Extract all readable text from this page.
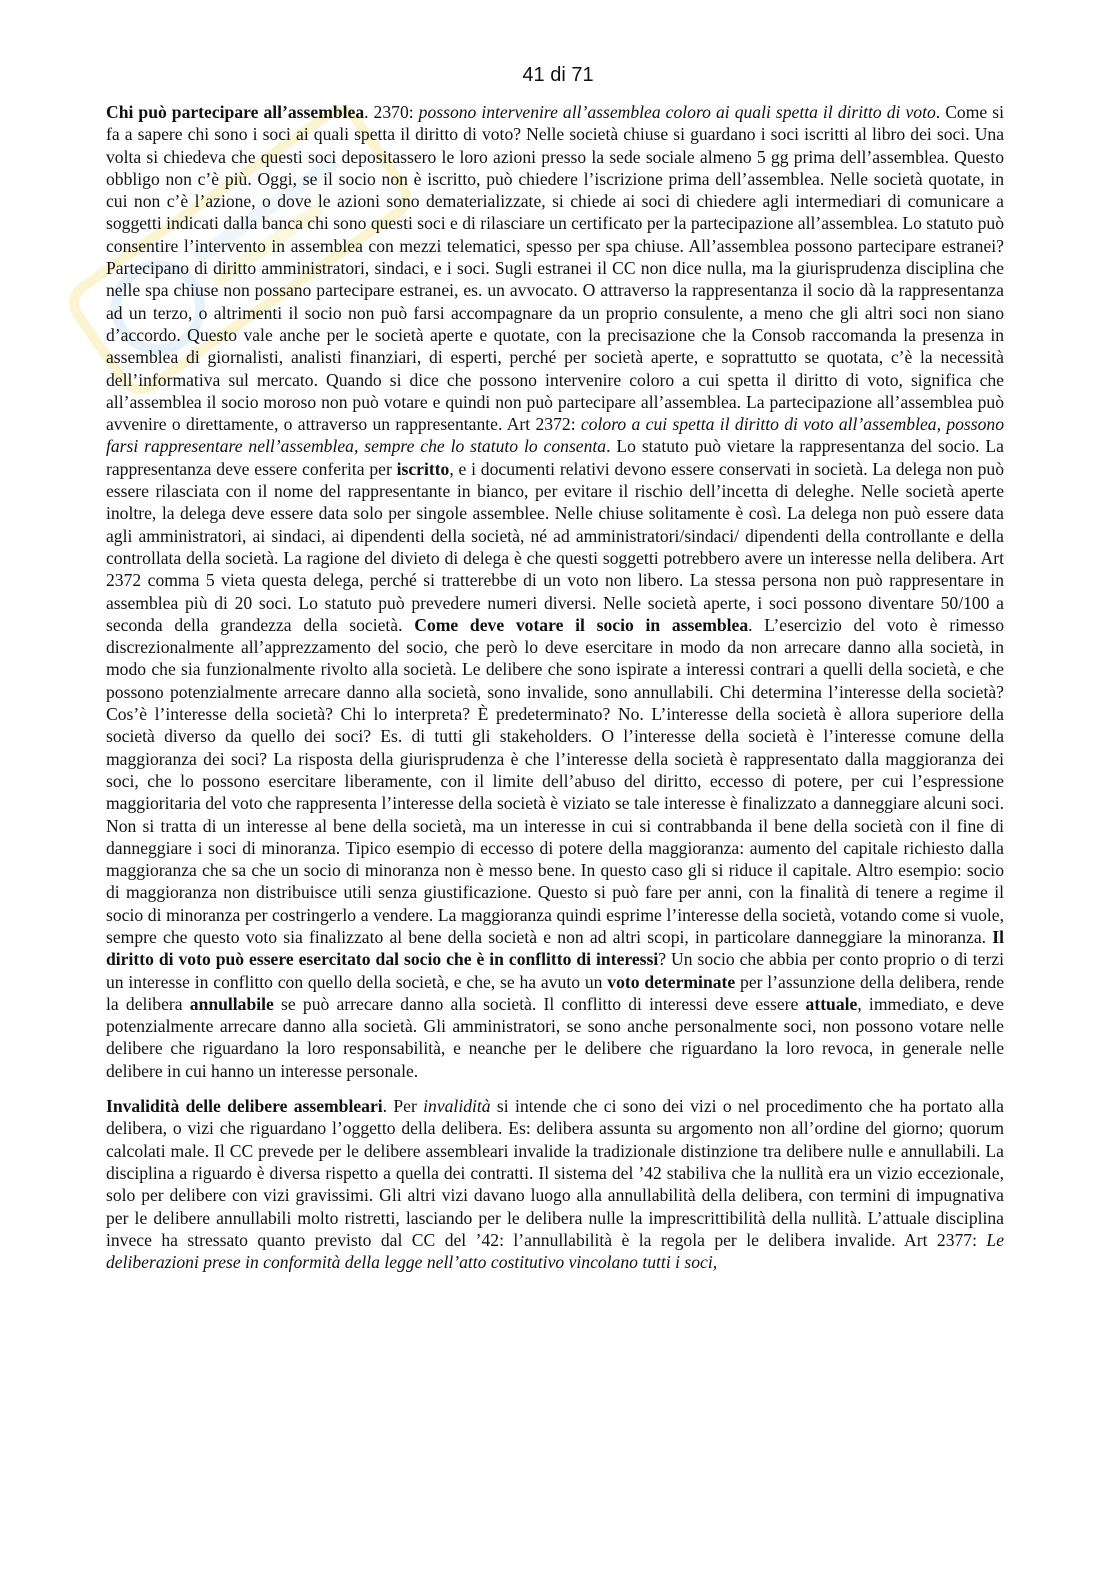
41 di 71

Chi può partecipare all’assemblea. 2370: possono intervenire all’assemblea coloro ai quali spetta il diritto di voto. Come si fa a sapere chi sono i soci ai quali spetta il diritto di voto? Nelle società chiuse si guardano i soci iscritti al libro dei soci. Una volta si chiedeva che questi soci depositassero le loro azioni presso la sede sociale almeno 5 gg prima dell’assemblea. Questo obbligo non c’è più. Oggi, se il socio non è iscritto, può chiedere l’iscrizione prima dell’assemblea. Nelle società quotate, in cui non c’è l’azione, o dove le azioni sono dematerializzate, si chiede ai soci di chiedere agli intermediari di comunicare a soggetti indicati dalla banca chi sono questi soci e di rilasciare un certificato per la partecipazione all’assemblea. Lo statuto può consentire l’intervento in assemblea con mezzi telematici, spesso per spa chiuse. All’assemblea possono partecipare estranei? Partecipano di diritto amministratori, sindaci, e i soci. Sugli estranei il CC non dice nulla, ma la giurisprudenza disciplina che nelle spa chiuse non possano partecipare estranei, es. un avvocato. O attraverso la rappresentanza il socio dà la rappresentanza ad un terzo, o altrimenti il socio non può farsi accompagnare da un proprio consulente, a meno che gli altri soci non siano d’accordo. Questo vale anche per le società aperte e quotate, con la precisazione che la Consob raccomanda la presenza in assemblea di giornalisti, analisti finanziari, di esperti, perché per società aperte, e soprattutto se quotata, c’è la necessità dell’informativa sul mercato. Quando si dice che possono intervenire coloro a cui spetta il diritto di voto, significa che all’assemblea il socio moroso non può votare e quindi non può partecipare all’assemblea. La partecipazione all’assemblea può avvenire o direttamente, o attraverso un rappresentante. Art 2372: coloro a cui spetta il diritto di voto all’assemblea, possono farsi rappresentare nell’assemblea, sempre che lo statuto lo consenta. Lo statuto può vietare la rappresentanza del socio. La rappresentanza deve essere conferita per iscritto, e i documenti relativi devono essere conservati in società. La delega non può essere rilasciata con il nome del rappresentante in bianco, per evitare il rischio dell’incetta di deleghe. Nelle società aperte inoltre, la delega deve essere data solo per singole assemblee. Nelle chiuse solitamente è così. La delega non può essere data agli amministratori, ai sindaci, ai dipendenti della società, né ad amministratori/sindaci/ dipendenti della controllante e della controllata della società. La ragione del divieto di delega è che questi soggetti potrebbero avere un interesse nella delibera. Art 2372 comma 5 vieta questa delega, perché si tratterebbe di un voto non libero. La stessa persona non può rappresentare in assemblea più di 20 soci. Lo statuto può prevedere numeri diversi. Nelle società aperte, i soci possono diventare 50/100 a seconda della grandezza della società. Come deve votare il socio in assemblea. L’esercizio del voto è rimesso discrezionalmente all’apprezzamento del socio, che però lo deve esercitare in modo da non arrecare danno alla società, in modo che sia funzionalmente rivolto alla società. Le delibere che sono ispirate a interessi contrari a quelli della società, e che possono potenzialmente arrecare danno alla società, sono invalide, sono annullabili. Chi determina l’interesse della società? Cos’è l’interesse della società? Chi lo interpreta? È predeterminato? No. L’interesse della società è allora superiore della società diverso da quello dei soci? Es. di tutti gli stakeholders. O l’interesse della società è l’interesse comune della maggioranza dei soci? La risposta della giurisprudenza è che l’interesse della società è rappresentato dalla maggioranza dei soci, che lo possono esercitare liberamente, con il limite dell’abuso del diritto, eccesso di potere, per cui l’espressione maggioritaria del voto che rappresenta l’interesse della società è viziato se tale interesse è finalizzato a danneggiare alcuni soci. Non si tratta di un interesse al bene della società, ma un interesse in cui si contrabbanda il bene della società con il fine di danneggiare i soci di minoranza. Tipico esempio di eccesso di potere della maggioranza: aumento del capitale richiesto dalla maggioranza che sa che un socio di minoranza non è messo bene. In questo caso gli si riduce il capitale. Altro esempio: socio di maggioranza non distribuisce utili senza giustificazione. Questo si può fare per anni, con la finalità di tenere a regime il socio di minoranza per costringerlo a vendere. La maggioranza quindi esprime l’interesse della società, votando come si vuole, sempre che questo voto sia finalizzato al bene della società e non ad altri scopi, in particolare danneggiare la minoranza. Il diritto di voto può essere esercitato dal socio che è in conflitto di interessi? Un socio che abbia per conto proprio o di terzi un interesse in conflitto con quello della società, e che, se ha avuto un voto determinate per l’assunzione della delibera, rende la delibera annullabile se può arrecare danno alla società. Il conflitto di interessi deve essere attuale, immediato, e deve potenzialmente arrecare danno alla società. Gli amministratori, se sono anche personalmente soci, non possono votare nelle delibere che riguardano la loro responsabilità, e neanche per le delibere che riguardano la loro revoca, in generale nelle delibere in cui hanno un interesse personale.

Invalidità delle delibere assembleari. Per invalidità si intende che ci sono dei vizi o nel procedimento che ha portato alla delibera, o vizi che riguardano l’oggetto della delibera. Es: delibera assunta su argomento non all’ordine del giorno; quorum calcolati male. Il CC prevede per le delibere assembleari invalide la tradizionale distinzione tra delibere nulle e annullabili. La disciplina a riguardo è diversa rispetto a quella dei contratti. Il sistema del ’42 stabiliva che la nullità era un vizio eccezionale, solo per delibere con vizi gravissimi. Gli altri vizi davano luogo alla annullabilità della delibera, con termini di impugnativa per le delibere annullabili molto ristretti, lasciando per le delibera nulle la imprescrittibilità della nullità. L’attuale disciplina invece ha stressato quanto previsto dal CC del ’42: l’annullabilità è la regola per le delibera invalide. Art 2377: Le deliberazioni prese in conformità della legge nell’atto costitutivo vincolano tutti i soci,
